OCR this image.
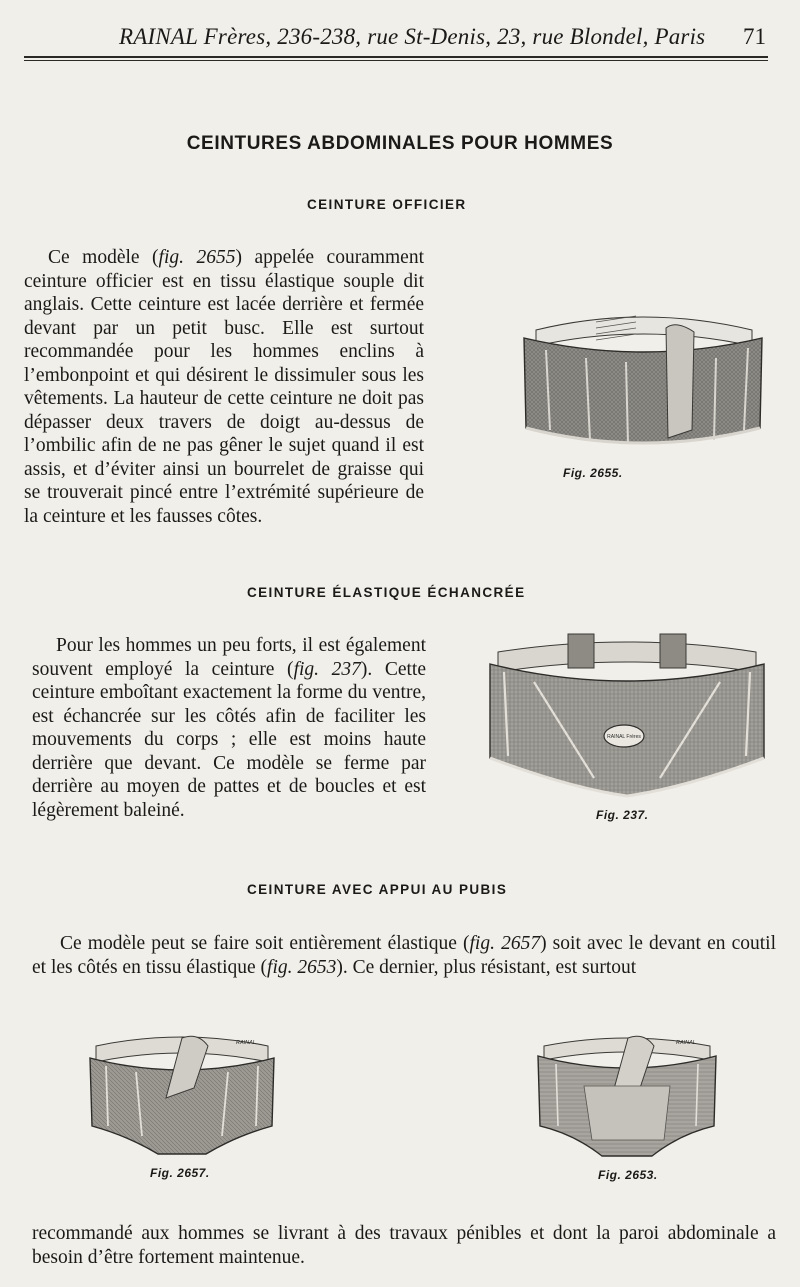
RAINAL Frères, 236-238, rue St-Denis, 23, rue Blondel, Paris 71
CEINTURES ABDOMINALES POUR HOMMES
CEINTURE OFFICIER

Ce modèle (fig. 2655) appelée couramment ceinture officier est en tissu élastique souple dit anglais. Cette ceinture est lacée derrière et fermée devant par un petit busc. Elle est surtout recommandée pour les hommes enclins à l’embonpoint et qui désirent le dissimuler sous les vêtements. La hauteur de cette ceinture ne doit pas dépasser deux travers de doigt au-dessus de l’ombilic afin de ne pas gêner le sujet quand il est assis, et d’éviter ainsi un bourrelet de graisse qui se trouverait pincé entre l’extrémité supérieure de la ceinture et les fausses côtes.

Fig. 2655.
CEINTURE ÉLASTIQUE ÉCHANCRÉE

Pour les hommes un peu forts, il est également souvent employé la ceinture (fig. 237). Cette ceinture emboîtant exactement la forme du ventre, est échancrée sur les côtés afin de faciliter les mouvements du corps ; elle est moins haute derrière que devant. Ce modèle se ferme par derrière au moyen de pattes et de boucles et est légèrement baleiné.

RAINAL Frères
Fig. 237.
CEINTURE AVEC APPUI AU PUBIS

Ce modèle peut se faire soit entièrement élastique (fig. 2657) soit avec le devant en coutil et les côtés en tissu élastique (fig. 2653). Ce dernier, plus résistant, est surtout

RAINAL
Fig. 2657.
RAINAL
Fig. 2653.

recommandé aux hommes se livrant à des travaux pénibles et dont la paroi abdominale a besoin d’être fortement maintenue.
